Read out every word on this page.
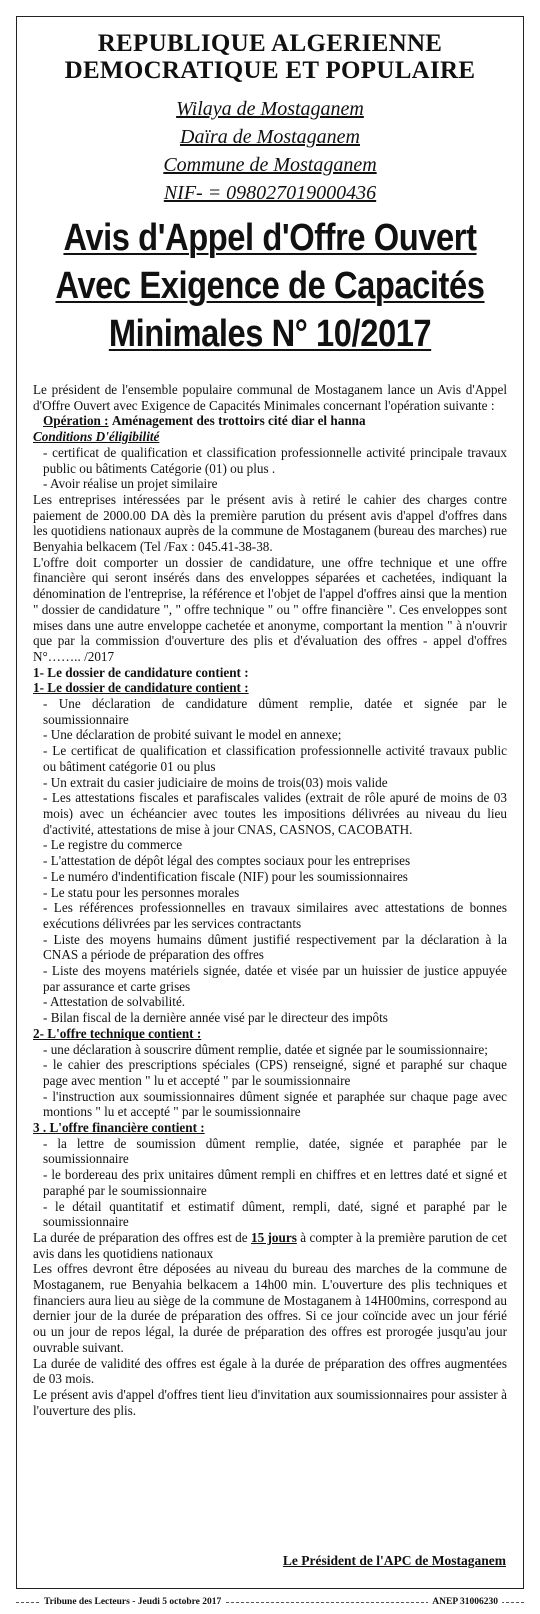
REPUBLIQUE ALGERIENNE
DEMOCRATIQUE ET POPULAIRE
Wilaya de Mostaganem
Daïra de Mostaganem
Commune de Mostaganem
NIF- = 098027019000436
Avis d'Appel d'Offre Ouvert
Avec Exigence de Capacités
Minimales N° 10/2017

Le président de l'ensemble populaire communal de Mostaganem lance un Avis d'Appel d'Offre Ouvert avec Exigence de Capacités Minimales concernant l'opération suivante :

Opération : Aménagement des trottoirs cité diar el hanna

Conditions D'éligibilité

- certificat de qualification et classification professionnelle activité principale travaux public ou bâtiments Catégorie (01) ou plus .

- Avoir réalise un projet similaire

Les entreprises intéressées par le présent avis à retiré le cahier des charges contre paiement de 2000.00 DA dès la première parution du présent avis d'appel d'offres dans les quotidiens nationaux auprès de la commune de Mostaganem (bureau des marches) rue Benyahia belkacem (Tel /Fax : 045.41-38-38.

L'offre doit comporter un dossier de candidature, une offre technique et une offre financière qui seront insérés dans des enveloppes séparées et cachetées, indiquant la dénomination de l'entreprise, la référence et l'objet de l'appel d'offres ainsi que la mention " dossier de candidature ", " offre technique " ou " offre financière ". Ces enveloppes sont mises dans une autre enveloppe cachetée et anonyme, comportant la mention " à n'ouvrir que par la commission d'ouverture des plis et d'évaluation des offres - appel d'offres N°…….. /2017

1- Le dossier de candidature contient :

1- Le dossier de candidature contient :

- Une déclaration de candidature dûment remplie, datée et signée par le soumissionnaire

- Une déclaration de probité suivant le model en annexe;

- Le certificat de qualification et classification professionnelle activité travaux public ou bâtiment catégorie 01 ou plus

- Un extrait du casier judiciaire de moins de trois(03) mois valide

- Les attestations fiscales et parafiscales valides (extrait de rôle apuré de moins de 03 mois) avec un échéancier avec toutes les impositions délivrées au niveau du lieu d'activité, attestations de mise à jour CNAS, CASNOS, CACOBATH.

- Le registre du commerce

- L'attestation de dépôt légal des comptes sociaux pour les entreprises

- Le numéro d'indentification fiscale (NIF) pour les soumissionnaires

- Le statu pour les personnes morales

- Les références professionnelles en travaux similaires avec attestations de bonnes exécutions délivrées par les services contractants

- Liste des moyens humains dûment justifié respectivement par la déclaration à la CNAS a période de préparation des offres

- Liste des moyens matériels signée, datée et visée par un huissier de justice appuyée par assurance et carte grises

- Attestation de solvabilité.

- Bilan fiscal de la dernière année visé par le directeur des impôts

2- L'offre technique contient :

- une déclaration à souscrire dûment remplie, datée et signée par le soumissionnaire;

- le cahier des prescriptions spéciales (CPS) renseigné, signé et paraphé sur chaque page avec mention " lu et accepté " par le soumissionnaire

- l'instruction aux soumissionnaires dûment signée et paraphée sur chaque page avec montions " lu et accepté " par le soumissionnaire

3 . L'offre financière contient :

- la lettre de soumission dûment remplie, datée, signée et paraphée par le soumissionnaire

- le bordereau des prix unitaires dûment rempli en chiffres et en lettres daté et signé et paraphé par le soumissionnaire

- le détail quantitatif et estimatif dûment, rempli, daté, signé et paraphé par le soumissionnaire

La durée de préparation des offres est de 15 jours à compter à la première parution de cet avis dans les quotidiens nationaux

Les offres devront être déposées au niveau du bureau des marches de la commune de Mostaganem, rue Benyahia belkacem a 14h00 min. L'ouverture des plis techniques et financiers aura lieu au siège de la commune de Mostaganem à 14H00mins, correspond au dernier jour de la durée de préparation des offres. Si ce jour coïncide avec un jour férié ou un jour de repos légal, la durée de préparation des offres est prorogée jusqu'au jour ouvrable suivant.

La durée de validité des offres est égale à la durée de préparation des offres augmentées de 03 mois.

Le présent avis d'appel d'offres tient lieu d'invitation aux soumissionnaires pour assister à l'ouverture des plis.

Le Président de l'APC de Mostaganem
Tribune des Lecteurs - Jeudi 5 octobre 2017	ANEP 31006230
